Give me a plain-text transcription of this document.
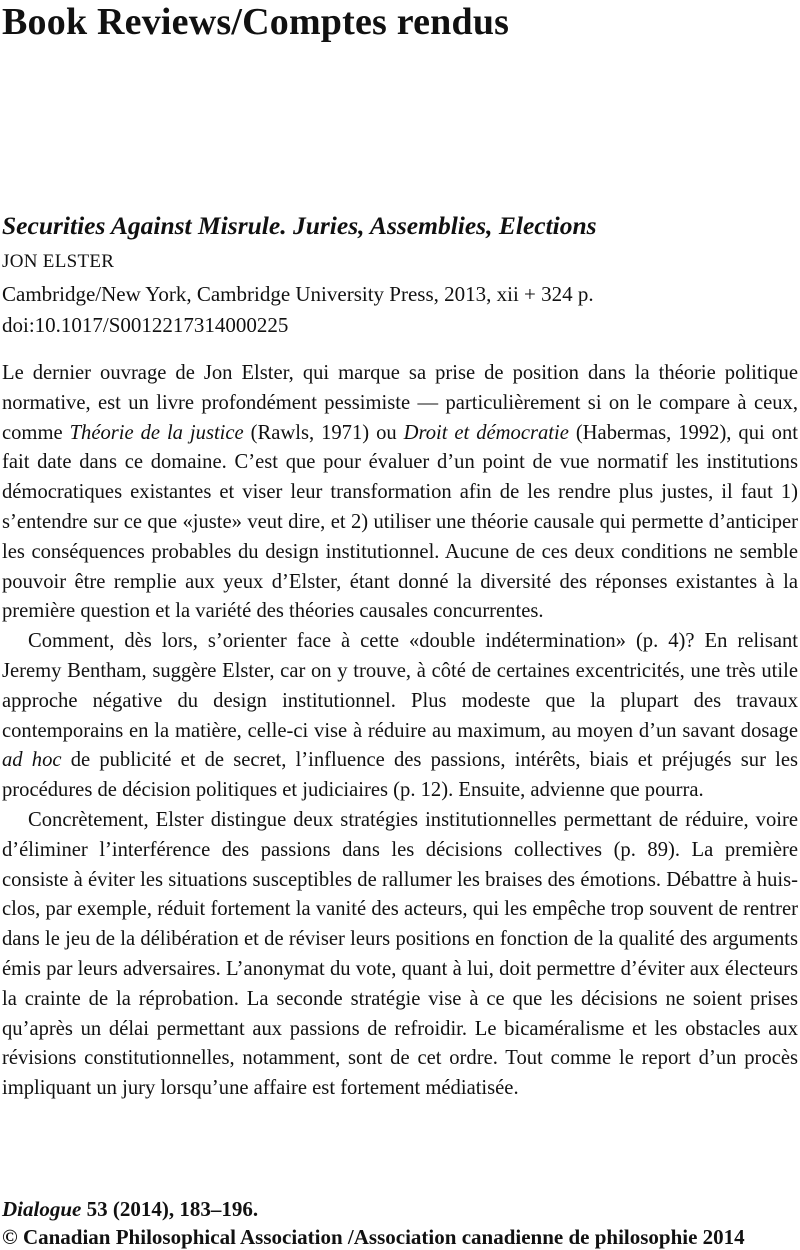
Book Reviews/Comptes rendus
Securities Against Misrule. Juries, Assemblies, Elections
JON ELSTER
Cambridge/New York, Cambridge University Press, 2013, xii + 324 p.
doi:10.1017/S0012217314000225

Le dernier ouvrage de Jon Elster, qui marque sa prise de position dans la théorie politique normative, est un livre profondément pessimiste — particulièrement si on le compare à ceux, comme Théorie de la justice (Rawls, 1971) ou Droit et démocratie (Habermas, 1992), qui ont fait date dans ce domaine. C’est que pour évaluer d’un point de vue normatif les institutions démocratiques existantes et viser leur transformation afin de les rendre plus justes, il faut 1) s’entendre sur ce que «juste» veut dire, et 2) utiliser une théorie causale qui permette d’anticiper les conséquences probables du design institutionnel. Aucune de ces deux conditions ne semble pouvoir être remplie aux yeux d’Elster, étant donné la diversité des réponses existantes à la première question et la variété des théories causales concurrentes.

Comment, dès lors, s’orienter face à cette «double indétermination» (p. 4)? En relisant Jeremy Bentham, suggère Elster, car on y trouve, à côté de certaines excentricités, une très utile approche négative du design institutionnel. Plus modeste que la plupart des travaux contemporains en la matière, celle-ci vise à réduire au maximum, au moyen d’un savant dosage ad hoc de publicité et de secret, l’influence des passions, intérêts, biais et préjugés sur les procédures de décision politiques et judiciaires (p. 12). Ensuite, advienne que pourra.

Concrètement, Elster distingue deux stratégies institutionnelles permettant de réduire, voire d’éliminer l’interférence des passions dans les décisions collectives (p. 89). La première consiste à éviter les situations susceptibles de rallumer les braises des émotions. Débattre à huis-clos, par exemple, réduit fortement la vanité des acteurs, qui les empêche trop souvent de rentrer dans le jeu de la délibération et de réviser leurs positions en fonction de la qualité des arguments émis par leurs adversaires. L’anonymat du vote, quant à lui, doit permettre d’éviter aux électeurs la crainte de la réprobation. La seconde stratégie vise à ce que les décisions ne soient prises qu’après un délai permettant aux passions de refroidir. Le bicaméralisme et les obstacles aux révisions constitutionnelles, notamment, sont de cet ordre. Tout comme le report d’un procès impliquant un jury lorsqu’une affaire est fortement médiatisée.

Dialogue 53 (2014), 183–196.
© Canadian Philosophical Association /Association canadienne de philosophie 2014
